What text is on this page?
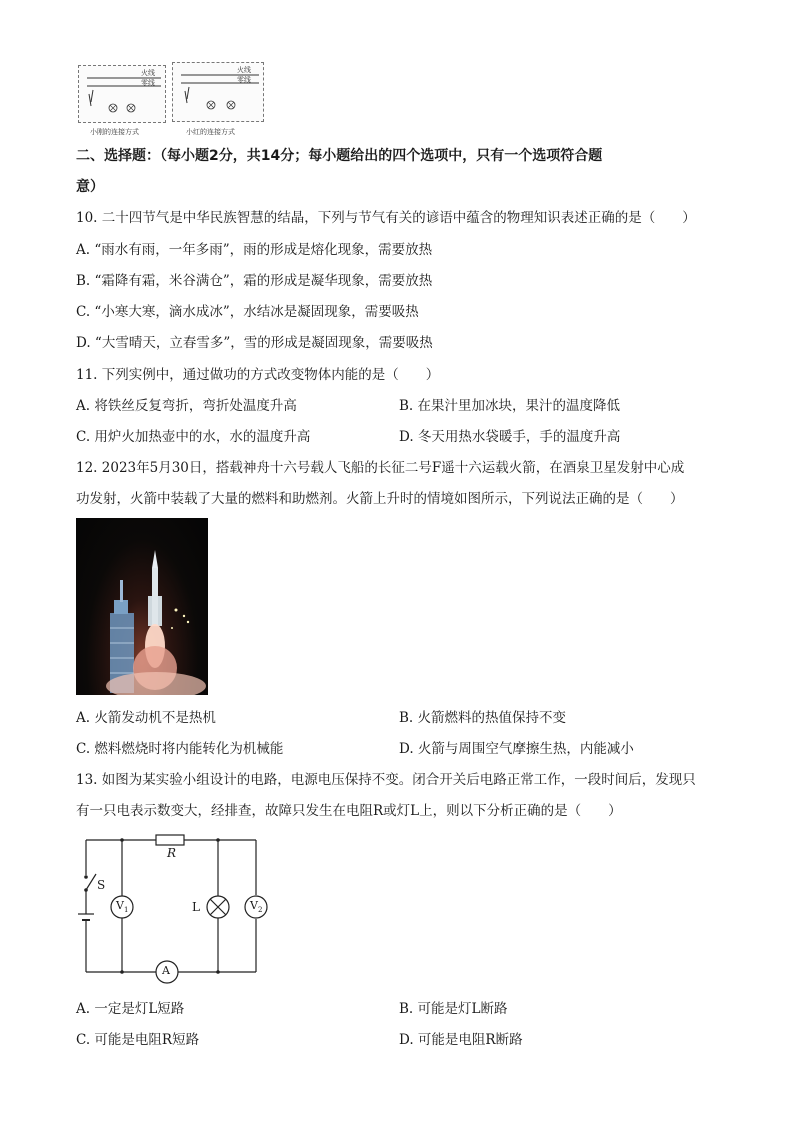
火线
零线
小刚的连接方式
火线
零线
小红的连接方式
二、选择题：（每小题2分，共14分；每小题给出的四个选项中，只有一个选项符合题
意）
10. 二十四节气是中华民族智慧的结晶，下列与节气有关的谚语中蕴含的物理知识表述正确的是（　　）
A. “雨水有雨，一年多雨”，雨的形成是熔化现象，需要放热
B. “霜降有霜，米谷满仓”，霜的形成是凝华现象，需要放热
C. “小寒大寒，滴水成冰”，水结冰是凝固现象，需要吸热
D. “大雪晴天，立春雪多”，雪的形成是凝固现象，需要吸热
11. 下列实例中，通过做功的方式改变物体内能的是（　　）
A. 将铁丝反复弯折，弯折处温度升高	B. 在果汁里加冰块，果汁的温度降低
C. 用炉火加热壶中的水，水的温度升高	D. 冬天用热水袋暖手，手的温度升高
12. 2023年5月30日，搭载神舟十六号载人飞船的长征二号F遥十六运载火箭，在酒泉卫星发射中心成
功发射，火箭中装载了大量的燃料和助燃剂。火箭上升时的情境如图所示，下列说法正确的是（　　）
A. 火箭发动机不是热机	B. 火箭燃料的热值保持不变
C. 燃料燃烧时将内能转化为机械能	D. 火箭与周围空气摩擦生热，内能减小
13. 如图为某实验小组设计的电路，电源电压保持不变。闭合开关后电路正常工作，一段时间后，发现只
有一只电表示数变大，经排查，故障只发生在电阻R或灯L上，则以下分析正确的是（　　）
R
S
L
$V_1$	$V_2$
A
A. 一定是灯L短路	B. 可能是灯L断路
C. 可能是电阻R短路	D. 可能是电阻R断路
